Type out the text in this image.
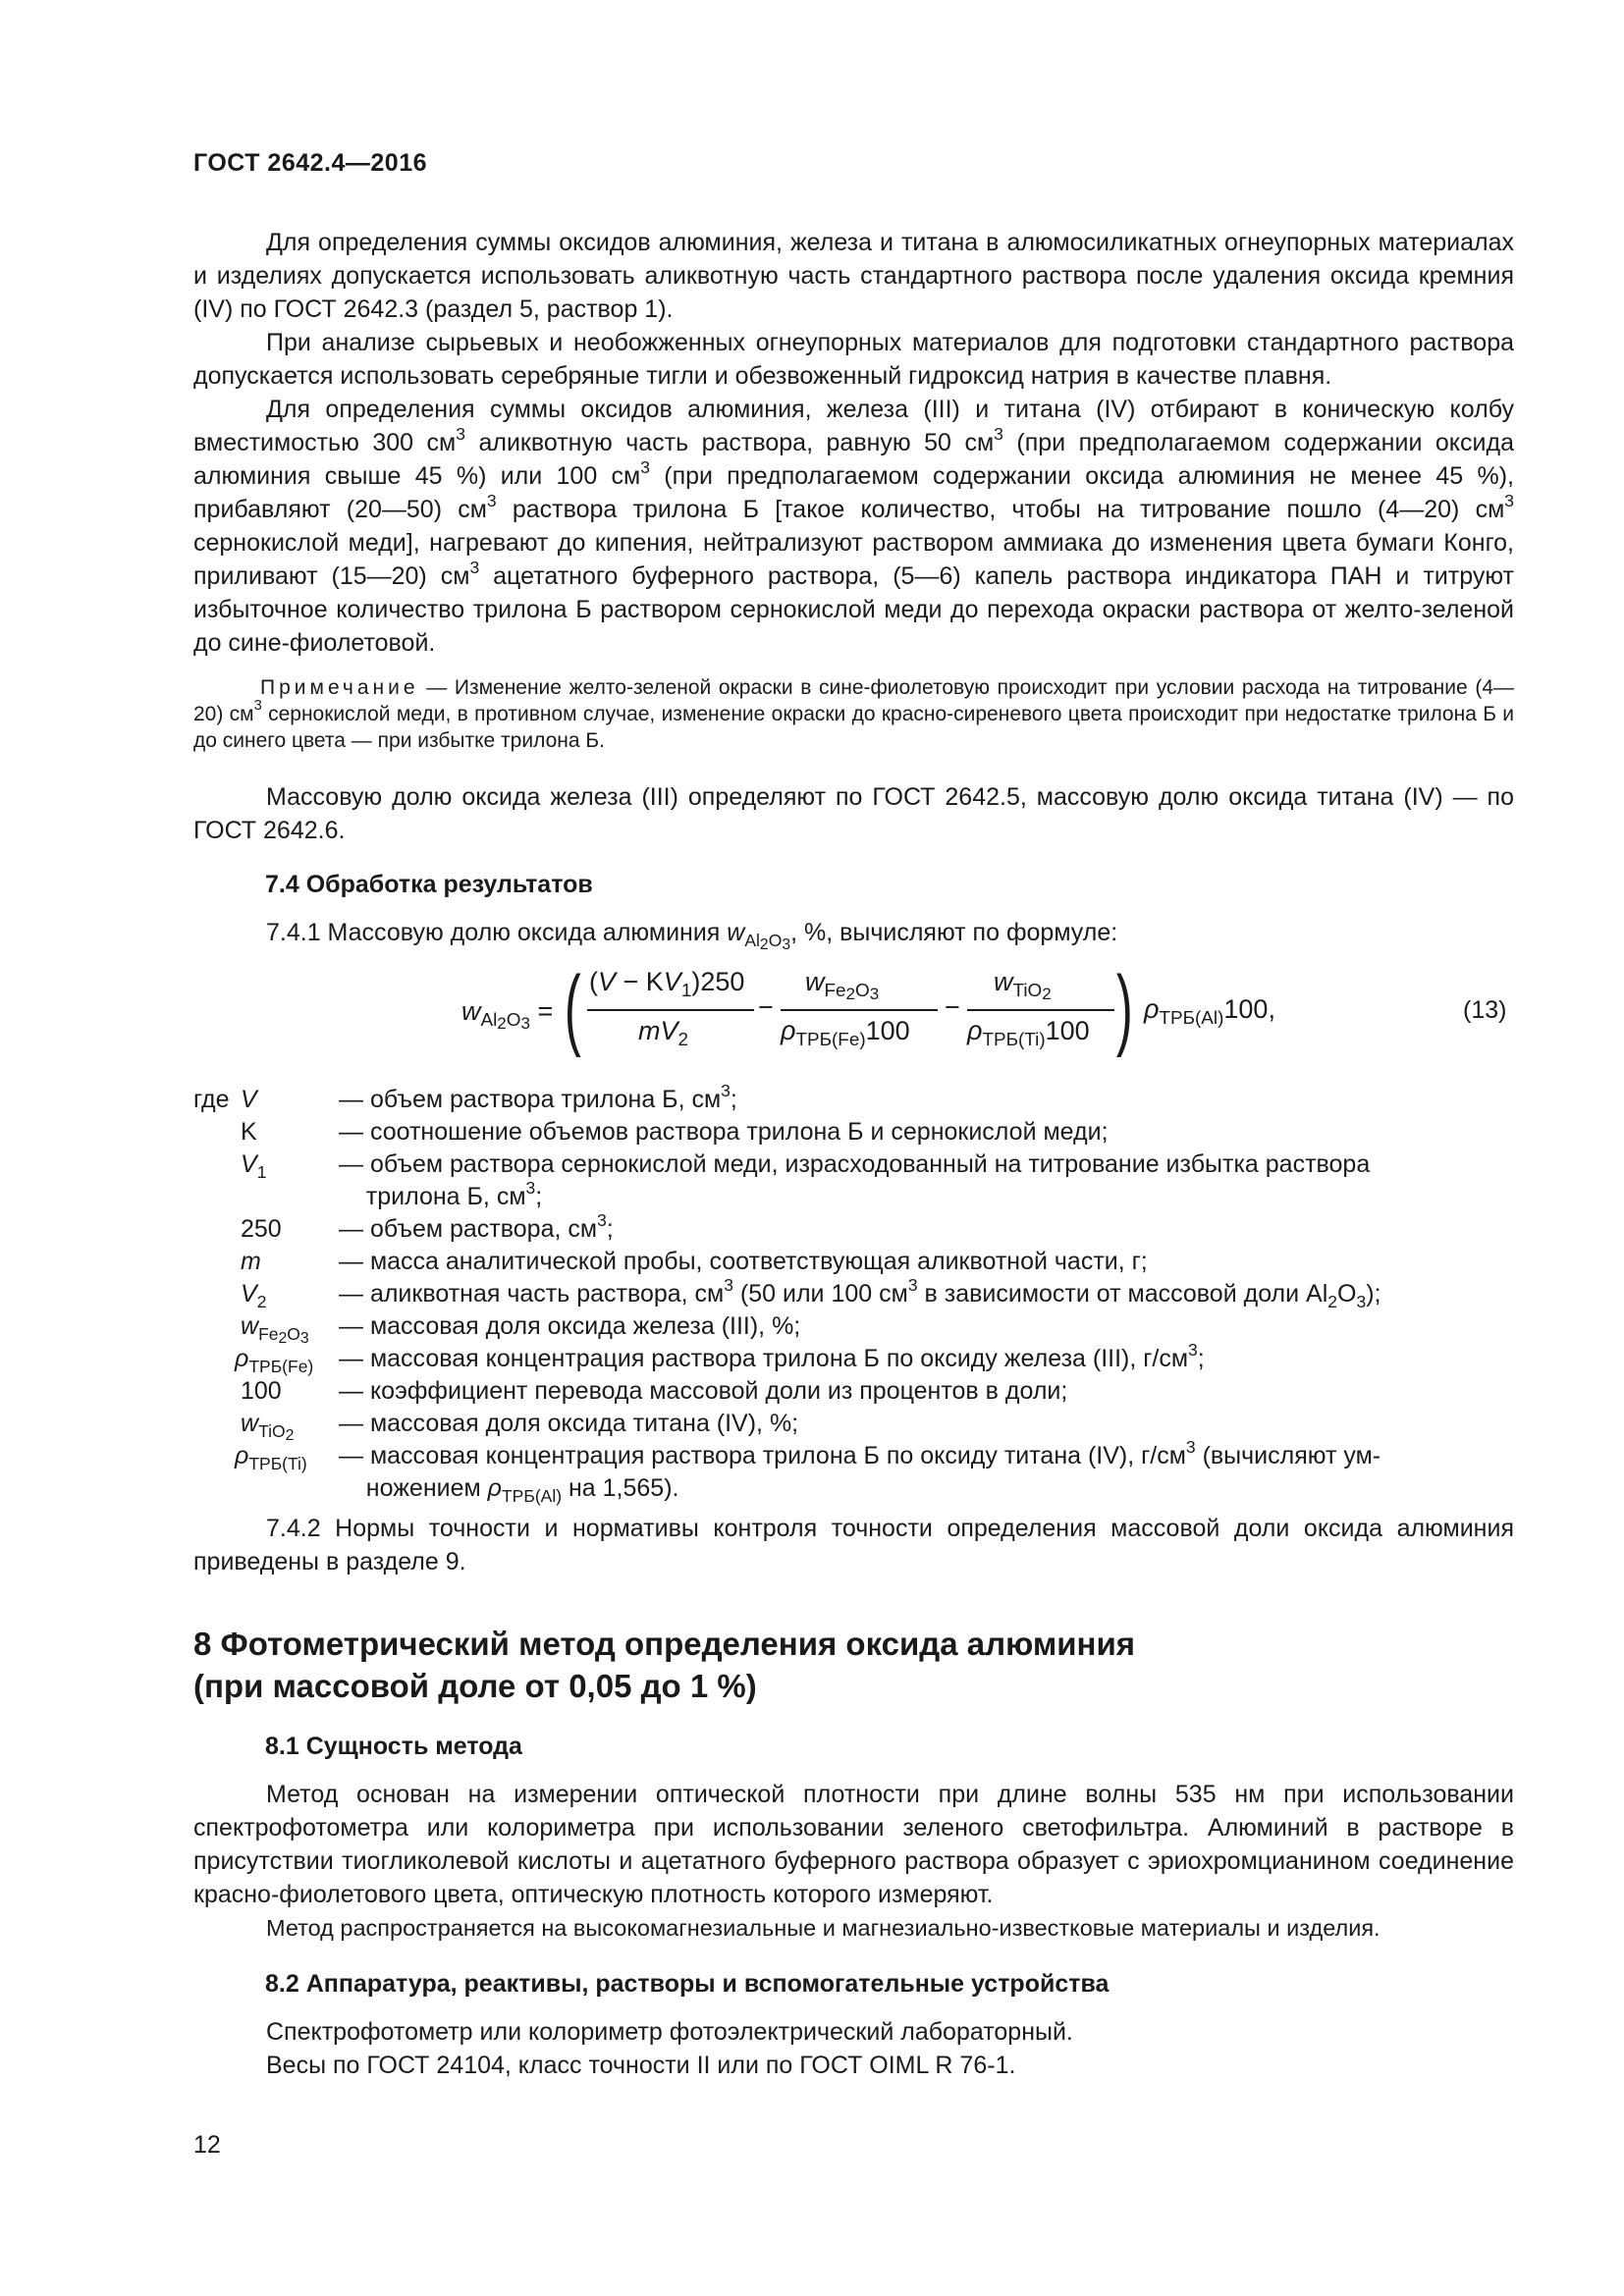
ГОСТ 2642.4—2016

Для определения суммы оксидов алюминия, железа и титана в алюмосиликатных огнеупорных материалах и изделиях допускается использовать аликвотную часть стандартного раствора после удаления оксида кремния (IV) по ГОСТ 2642.3 (раздел 5, раствор 1).

При анализе сырьевых и необожженных огнеупорных материалов для подготовки стандартного раствора допускается использовать серебряные тигли и обезвоженный гидроксид натрия в качестве плавня.

Для определения суммы оксидов алюминия, железа (III) и титана (IV) отбирают в коническую колбу вместимостью 300 $см^3$ аликвотную часть раствора, равную 50 $см^3$ (при предполагаемом содержании оксида алюминия свыше 45 %) или 100 $см^3$ (при предполагаемом содержании оксида алюминия не менее 45 %), прибавляют (20—50) $см^3$ раствора трилона Б [такое количество, чтобы на титрование пошло (4—20) $см^3$ сернокислой меди], нагревают до кипения, нейтрализуют раствором аммиака до изменения цвета бумаги Конго, приливают (15—20) $см^3$ ацетатного буферного раствора, (5—6) капель раствора индикатора ПАН и титруют избыточное количество трилона Б раствором сернокислой меди до перехода окраски раствора от желто-зеленой до сине-фиолетовой.

Примечание — Изменение желто-зеленой окраски в сине-фиолетовую происходит при условии расхода на титрование (4—20) $см^3$ сернокислой меди, в противном случае, изменение окраски до красно-сиреневого цвета происходит при недостатке трилона Б и до синего цвета — при избытке трилона Б.

Массовую долю оксида железа (III) определяют по ГОСТ 2642.5, массовую долю оксида титана (IV) — по ГОСТ 2642.6.

7.4 Обработка результатов

7.4.1 Массовую долю оксида алюминия $w_{Al_2O_3}$, %, вычисляют по формуле:

$w_{Al_2O_3}$ = ( $(V - KV_1)250$
$mV_2$
−
$w_{Fe_2O_3}$
$\rho_{ТРБ(Fe)}100$
−
$w_{TiO_2}$
$\rho_{ТРБ(Ti)}100$ ) $\rho_{ТРБ(Al)}100$,	(13)
где V	— объем раствора трилона Б, $см^3$;
K	— соотношение объемов раствора трилона Б и сернокислой меди;
$V_1$	— объем раствора сернокислой меди, израсходованный на титрование избытка раствора
трилона Б, $см^3$;
250	— объем раствора, $см^3$;
m	— масса аналитической пробы, соответствующая аликвотной части, г;
$V_2$	— аликвотная часть раствора, $см^3$ (50 или 100 $см^3$ в зависимости от массовой доли $Al_2O_3$);
$w_{Fe_2O_3}$	— массовая доля оксида железа (III), %;
$\rho_{ТРБ(Fe)}$	— массовая концентрация раствора трилона Б по оксиду железа (III), $г/см^3$;
100	— коэффициент перевода массовой доли из процентов в доли;
$w_{TiO_2}$	— массовая доля оксида титана (IV), %;
$\rho_{ТРБ(Ti)}$	— массовая концентрация раствора трилона Б по оксиду титана (IV), $г/см^3$ (вычисляют ум-
ножением $\rho_{ТРБ(Al)}$ на 1,565).

7.4.2 Нормы точности и нормативы контроля точности определения массовой доли оксида алюминия приведены в разделе 9.

8 Фотометрический метод определения оксида алюминия
(при массовой доле от 0,05 до 1 %)
8.1 Сущность метода

Метод основан на измерении оптической плотности при длине волны 535 нм при использовании спектрофотометра или колориметра при использовании зеленого светофильтра. Алюминий в растворе в присутствии тиогликолевой кислоты и ацетатного буферного раствора образует с эриохромцианином соединение красно-фиолетового цвета, оптическую плотность которого измеряют.

Метод распространяется на высокомагнезиальные и магнезиально-известковые материалы и изделия.

8.2 Аппаратура, реактивы, растворы и вспомогательные устройства

Спектрофотометр или колориметр фотоэлектрический лабораторный.

Весы по ГОСТ 24104, класс точности II или по ГОСТ OIML R 76-1.

12
